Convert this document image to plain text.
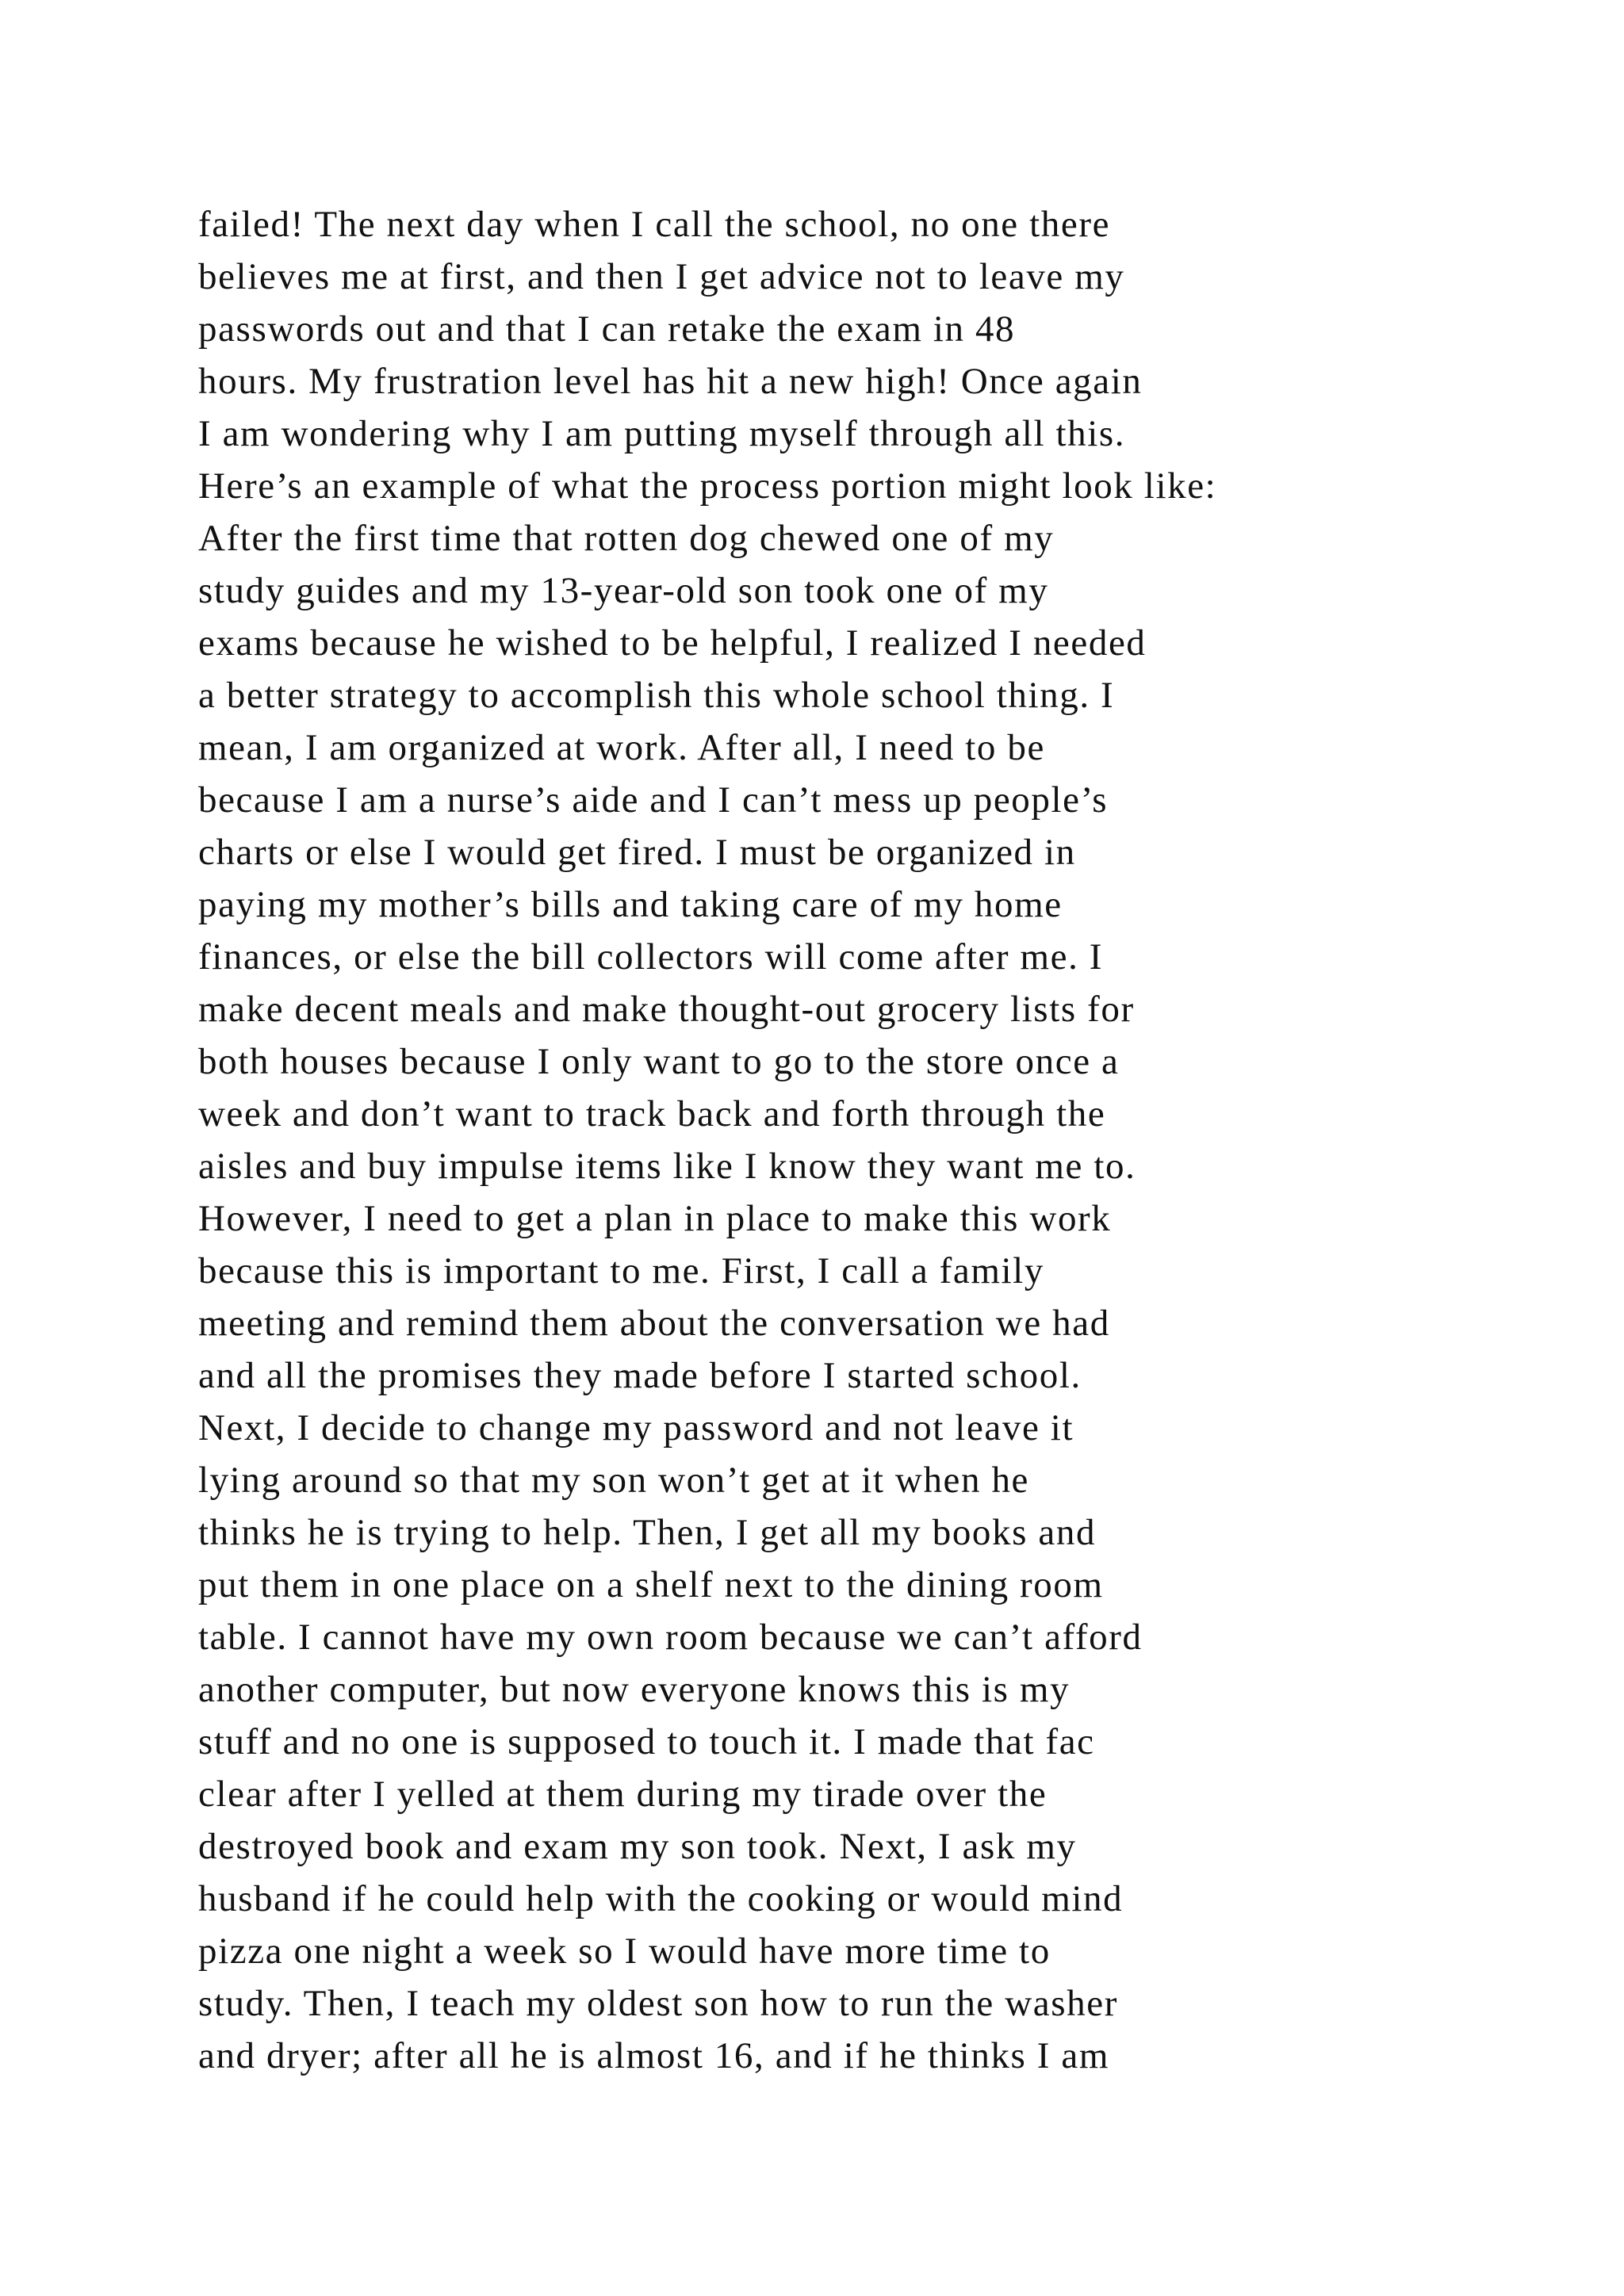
failed! The next day when I call the school, no one there
believes me at first, and then I get advice not to leave my
passwords out and that I can retake the exam in 48
hours. My frustration level has hit a new high! Once again
I am wondering why I am putting myself through all this.
Here’s an example of what the process portion might look like:
After the first time that rotten dog chewed one of my
study guides and my 13-year-old son took one of my
exams because he wished to be helpful, I realized I needed
a better strategy to accomplish this whole school thing. I
mean, I am organized at work. After all, I need to be
because I am a nurse’s aide and I can’t mess up people’s
charts or else I would get fired. I must be organized in
paying my mother’s bills and taking care of my home
finances, or else the bill collectors will come after me. I
make decent meals and make thought-out grocery lists for
both houses because I only want to go to the store once a
week and don’t want to track back and forth through the
aisles and buy impulse items like I know they want me to.
However, I need to get a plan in place to make this work
because this is important to me. First, I call a family
meeting and remind them about the conversation we had
and all the promises they made before I started school.
Next, I decide to change my password and not leave it
lying around so that my son won’t get at it when he
thinks he is trying to help. Then, I get all my books and
put them in one place on a shelf next to the dining room
table. I cannot have my own room because we can’t afford
another computer, but now everyone knows this is my
stuff and no one is supposed to touch it. I made that fac
clear after I yelled at them during my tirade over the
destroyed book and exam my son took. Next, I ask my
husband if he could help with the cooking or would mind
pizza one night a week so I would have more time to
study. Then, I teach my oldest son how to run the washer
and dryer; after all he is almost 16, and if he thinks I am
